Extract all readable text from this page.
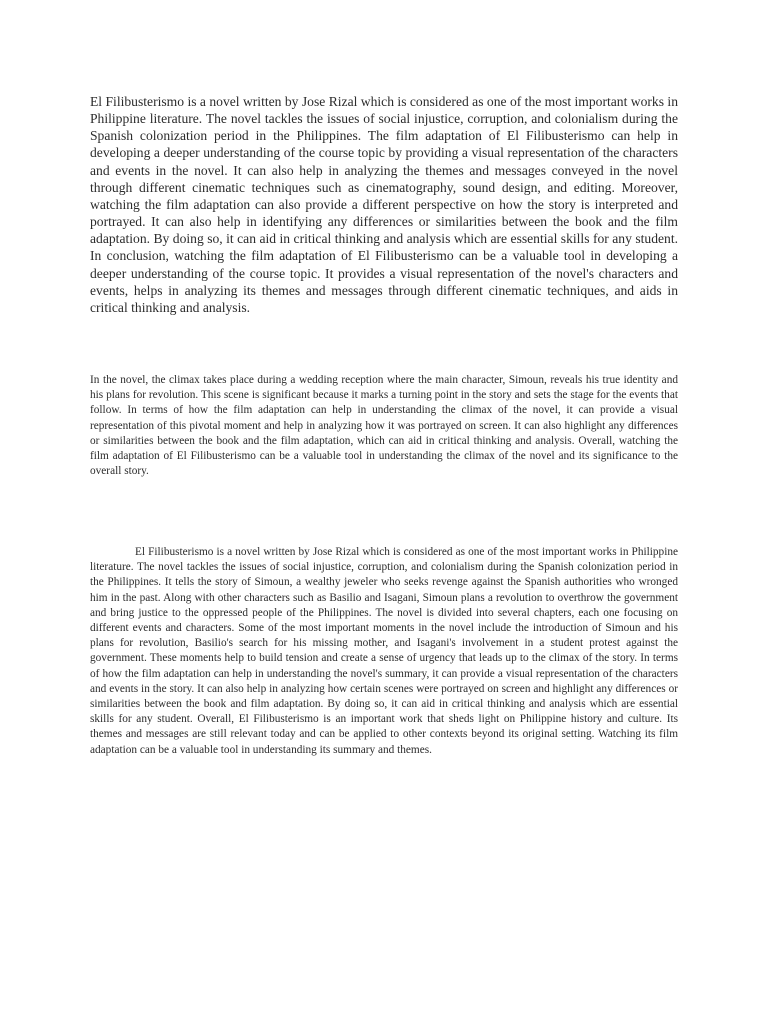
El Filibusterismo is a novel written by Jose Rizal which is considered as one of the most important works in Philippine literature. The novel tackles the issues of social injustice, corruption, and colonialism during the Spanish colonization period in the Philippines. The film adaptation of El Filibusterismo can help in developing a deeper understanding of the course topic by providing a visual representation of the characters and events in the novel. It can also help in analyzing the themes and messages conveyed in the novel through different cinematic techniques such as cinematography, sound design, and editing. Moreover, watching the film adaptation can also provide a different perspective on how the story is interpreted and portrayed. It can also help in identifying any differences or similarities between the book and the film adaptation. By doing so, it can aid in critical thinking and analysis which are essential skills for any student. In conclusion, watching the film adaptation of El Filibusterismo can be a valuable tool in developing a deeper understanding of the course topic. It provides a visual representation of the novel's characters and events, helps in analyzing its themes and messages through different cinematic techniques, and aids in critical thinking and analysis.

In the novel, the climax takes place during a wedding reception where the main character, Simoun, reveals his true identity and his plans for revolution. This scene is significant because it marks a turning point in the story and sets the stage for the events that follow. In terms of how the film adaptation can help in understanding the climax of the novel, it can provide a visual representation of this pivotal moment and help in analyzing how it was portrayed on screen. It can also highlight any differences or similarities between the book and the film adaptation, which can aid in critical thinking and analysis. Overall, watching the film adaptation of El Filibusterismo can be a valuable tool in understanding the climax of the novel and its significance to the overall story.

El Filibusterismo is a novel written by Jose Rizal which is considered as one of the most important works in Philippine literature. The novel tackles the issues of social injustice, corruption, and colonialism during the Spanish colonization period in the Philippines. It tells the story of Simoun, a wealthy jeweler who seeks revenge against the Spanish authorities who wronged him in the past. Along with other characters such as Basilio and Isagani, Simoun plans a revolution to overthrow the government and bring justice to the oppressed people of the Philippines. The novel is divided into several chapters, each one focusing on different events and characters. Some of the most important moments in the novel include the introduction of Simoun and his plans for revolution, Basilio's search for his missing mother, and Isagani's involvement in a student protest against the government. These moments help to build tension and create a sense of urgency that leads up to the climax of the story. In terms of how the film adaptation can help in understanding the novel's summary, it can provide a visual representation of the characters and events in the story. It can also help in analyzing how certain scenes were portrayed on screen and highlight any differences or similarities between the book and film adaptation. By doing so, it can aid in critical thinking and analysis which are essential skills for any student. Overall, El Filibusterismo is an important work that sheds light on Philippine history and culture. Its themes and messages are still relevant today and can be applied to other contexts beyond its original setting. Watching its film adaptation can be a valuable tool in understanding its summary and themes.
